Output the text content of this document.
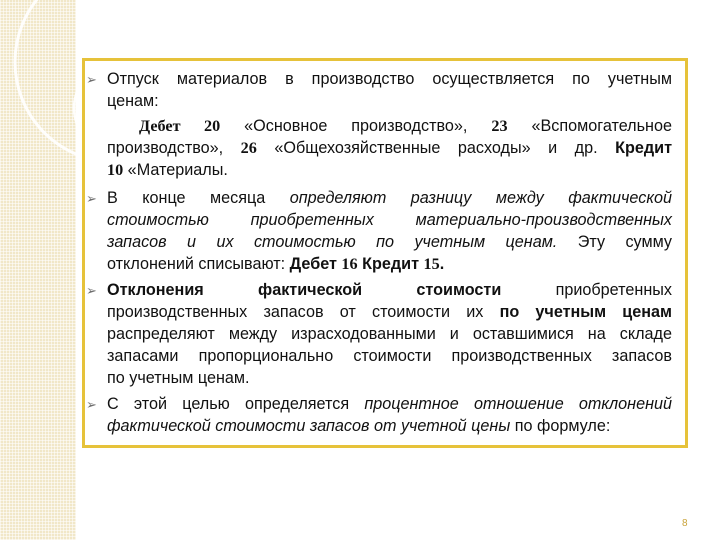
➢ Отпуск материалов в производство осуществляется по учетным
ценам:
Дебет 20 «Основное производство», 23 «Вспомогательное
производство», 26 «Общехозяйственные расходы» и др. Кредит
10 «Материалы.
➢ В конце месяца определяют разницу между фактической
стоимостью приобретенных материально-производственных
запасов и их стоимостью по учетным ценам. Эту сумму
отклонений списывают: Дебет 16 Кредит 15.
➢ Отклонения фактической стоимости приобретенных
производственных запасов от стоимости их по учетным ценам
распределяют между израсходованными и оставшимися на складе
запасами пропорционально стоимости производственных запасов
по учетным ценам.
➢ С этой целью определяется процентное отношение отклонений
фактической стоимости запасов от учетной цены по формуле:
8
